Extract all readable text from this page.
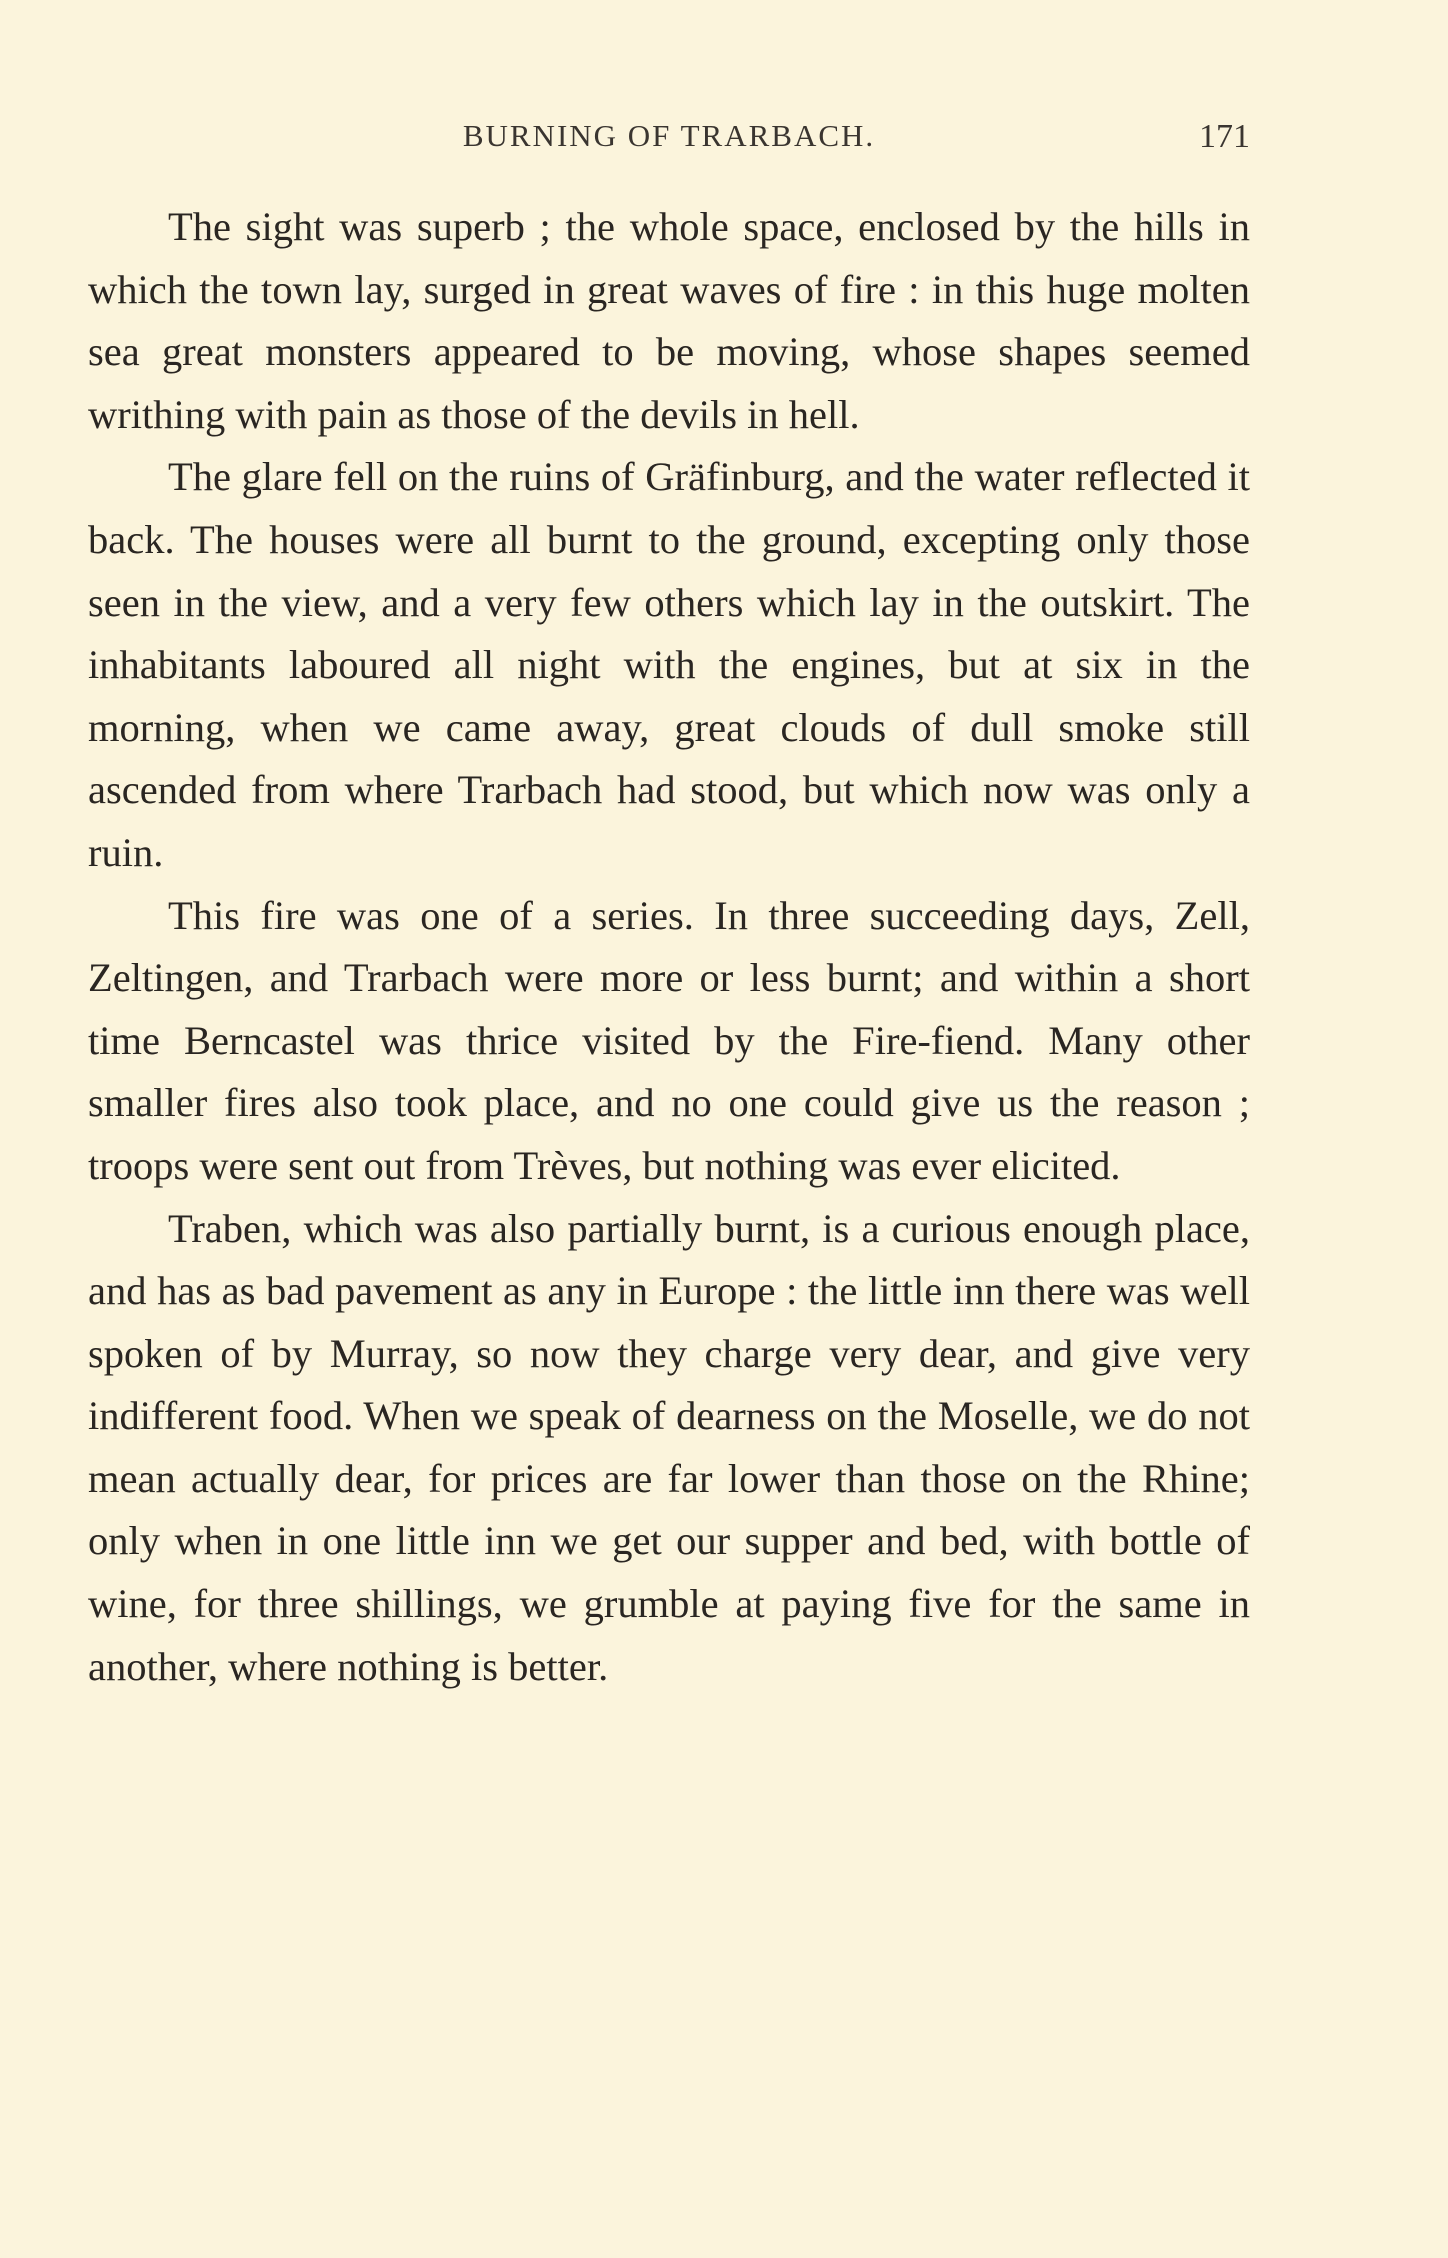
BURNING OF TRARBACH.	171

The sight was superb ; the whole space, enclosed by the hills in which the town lay, surged in great waves of fire : in this huge molten sea great monsters appeared to be moving, whose shapes seemed writhing with pain as those of the devils in hell.

The glare fell on the ruins of Gräfinburg, and the water reflected it back. The houses were all burnt to the ground, excepting only those seen in the view, and a very few others which lay in the outskirt. The inhabitants laboured all night with the engines, but at six in the morning, when we came away, great clouds of dull smoke still ascended from where Trarbach had stood, but which now was only a ruin.

This fire was one of a series. In three succeeding days, Zell, Zeltingen, and Trarbach were more or less burnt; and within a short time Berncastel was thrice visited by the Fire-fiend. Many other smaller fires also took place, and no one could give us the reason ; troops were sent out from Trèves, but nothing was ever elicited.

Traben, which was also partially burnt, is a curious enough place, and has as bad pavement as any in Europe : the little inn there was well spoken of by Murray, so now they charge very dear, and give very indifferent food. When we speak of dearness on the Moselle, we do not mean actually dear, for prices are far lower than those on the Rhine; only when in one little inn we get our supper and bed, with bottle of wine, for three shillings, we grumble at paying five for the same in another, where nothing is better.
